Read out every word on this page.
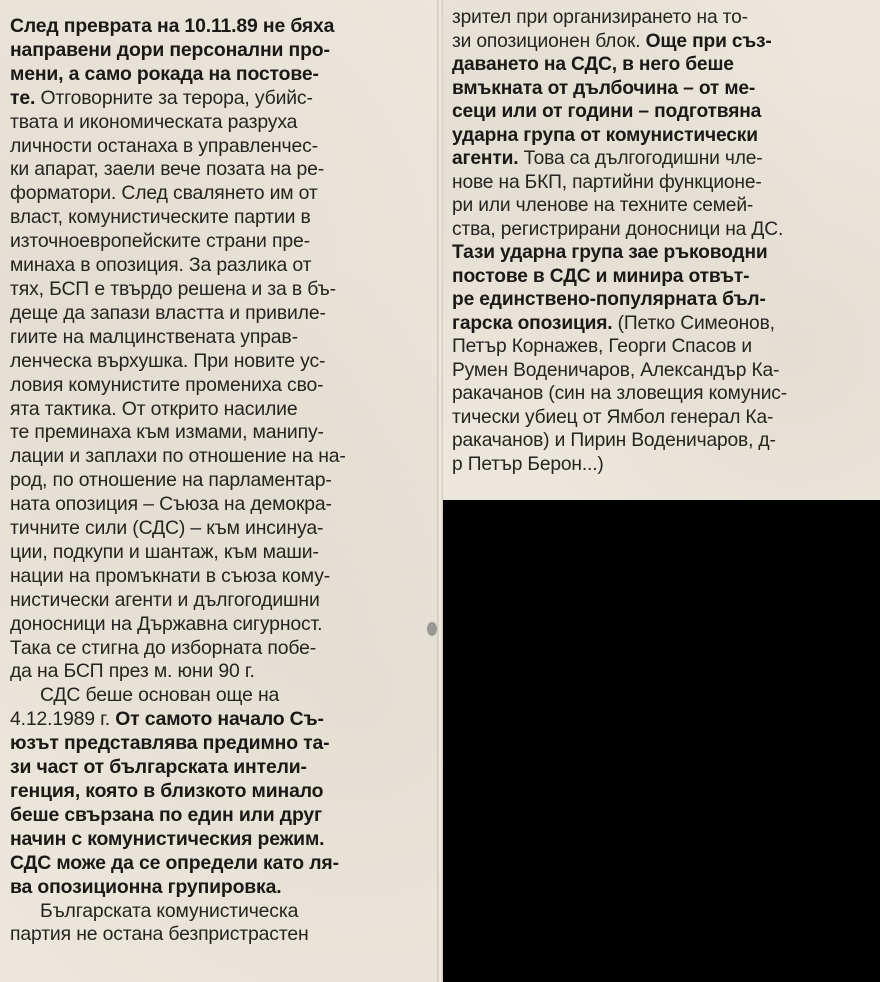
След превратa на 10.11.89 не бяха
направени дори персонални про-
мени, а само рокада на постове-
те. Отговорните за терора, убийс-
твата и икономическата разруха
личности останаха в управленчес-
ки апарат, заели вече позата на ре-
форматори. След свалянето им от
власт, комунистическите партии в
източноевропейските страни пре-
минаха в опозиция. За разлика от
тях, БСП е твърдо решена и за в бъ-
деще да запази властта и привиле-
гиите на малцинствената управ-
ленческа върхушка. При новите ус-
ловия комунистите промениха сво-
ята тактика. От открито насилие
те преминаха към измами, манипу-
лации и заплахи по отношение на на-
род, по отношение на парламентар-
ната опозиция – Съюза на демокра-
тичните сили (СДС) – към инсинуа-
ции, подкупи и шантаж, към маши-
нации на промъкнати в съюза кому-
нистически агенти и дългогодишни
доносници на Държавна сигурност.
Така се стигна до изборната побе-
да на БСП през м. юни 90 г.
СДС беше основан още на
4.12.1989 г. От самото начало Съ-
юзът представлява предимно та-
зи част от българската интели-
генция, която в близкото минало
беше свързана по един или друг
начин с комунистическия режим.
СДС може да се определи като ля-
ва опозиционна групировка.
Българската комунистическа
партия не остана безпристрастен
зрител при организирането на то-
зи опозиционен блок. Още при съз-
даването на СДС, в него беше
вмъкната от дълбочина – от ме-
сеци или от години – подготвяна
ударна група от комунистически
агенти. Това са дългогодишни чле-
нове на БКП, партийни функционе-
ри или членове на техните семей-
ства, регистрирани доносници на ДС.
Тази ударна група зае ръководни
постове в СДС и минира отвът-
ре единствено-популярната бъл-
гарска опозиция. (Петко Симеонов,
Петър Корнажев, Георги Спасов и
Румен Воденичаров, Александър Ка-
ракачанов (син на зловещия комунис-
тически убиец от Ямбол генерал Ка-
ракачанов) и Пирин Воденичаров, д-
р Петър Берон...)
